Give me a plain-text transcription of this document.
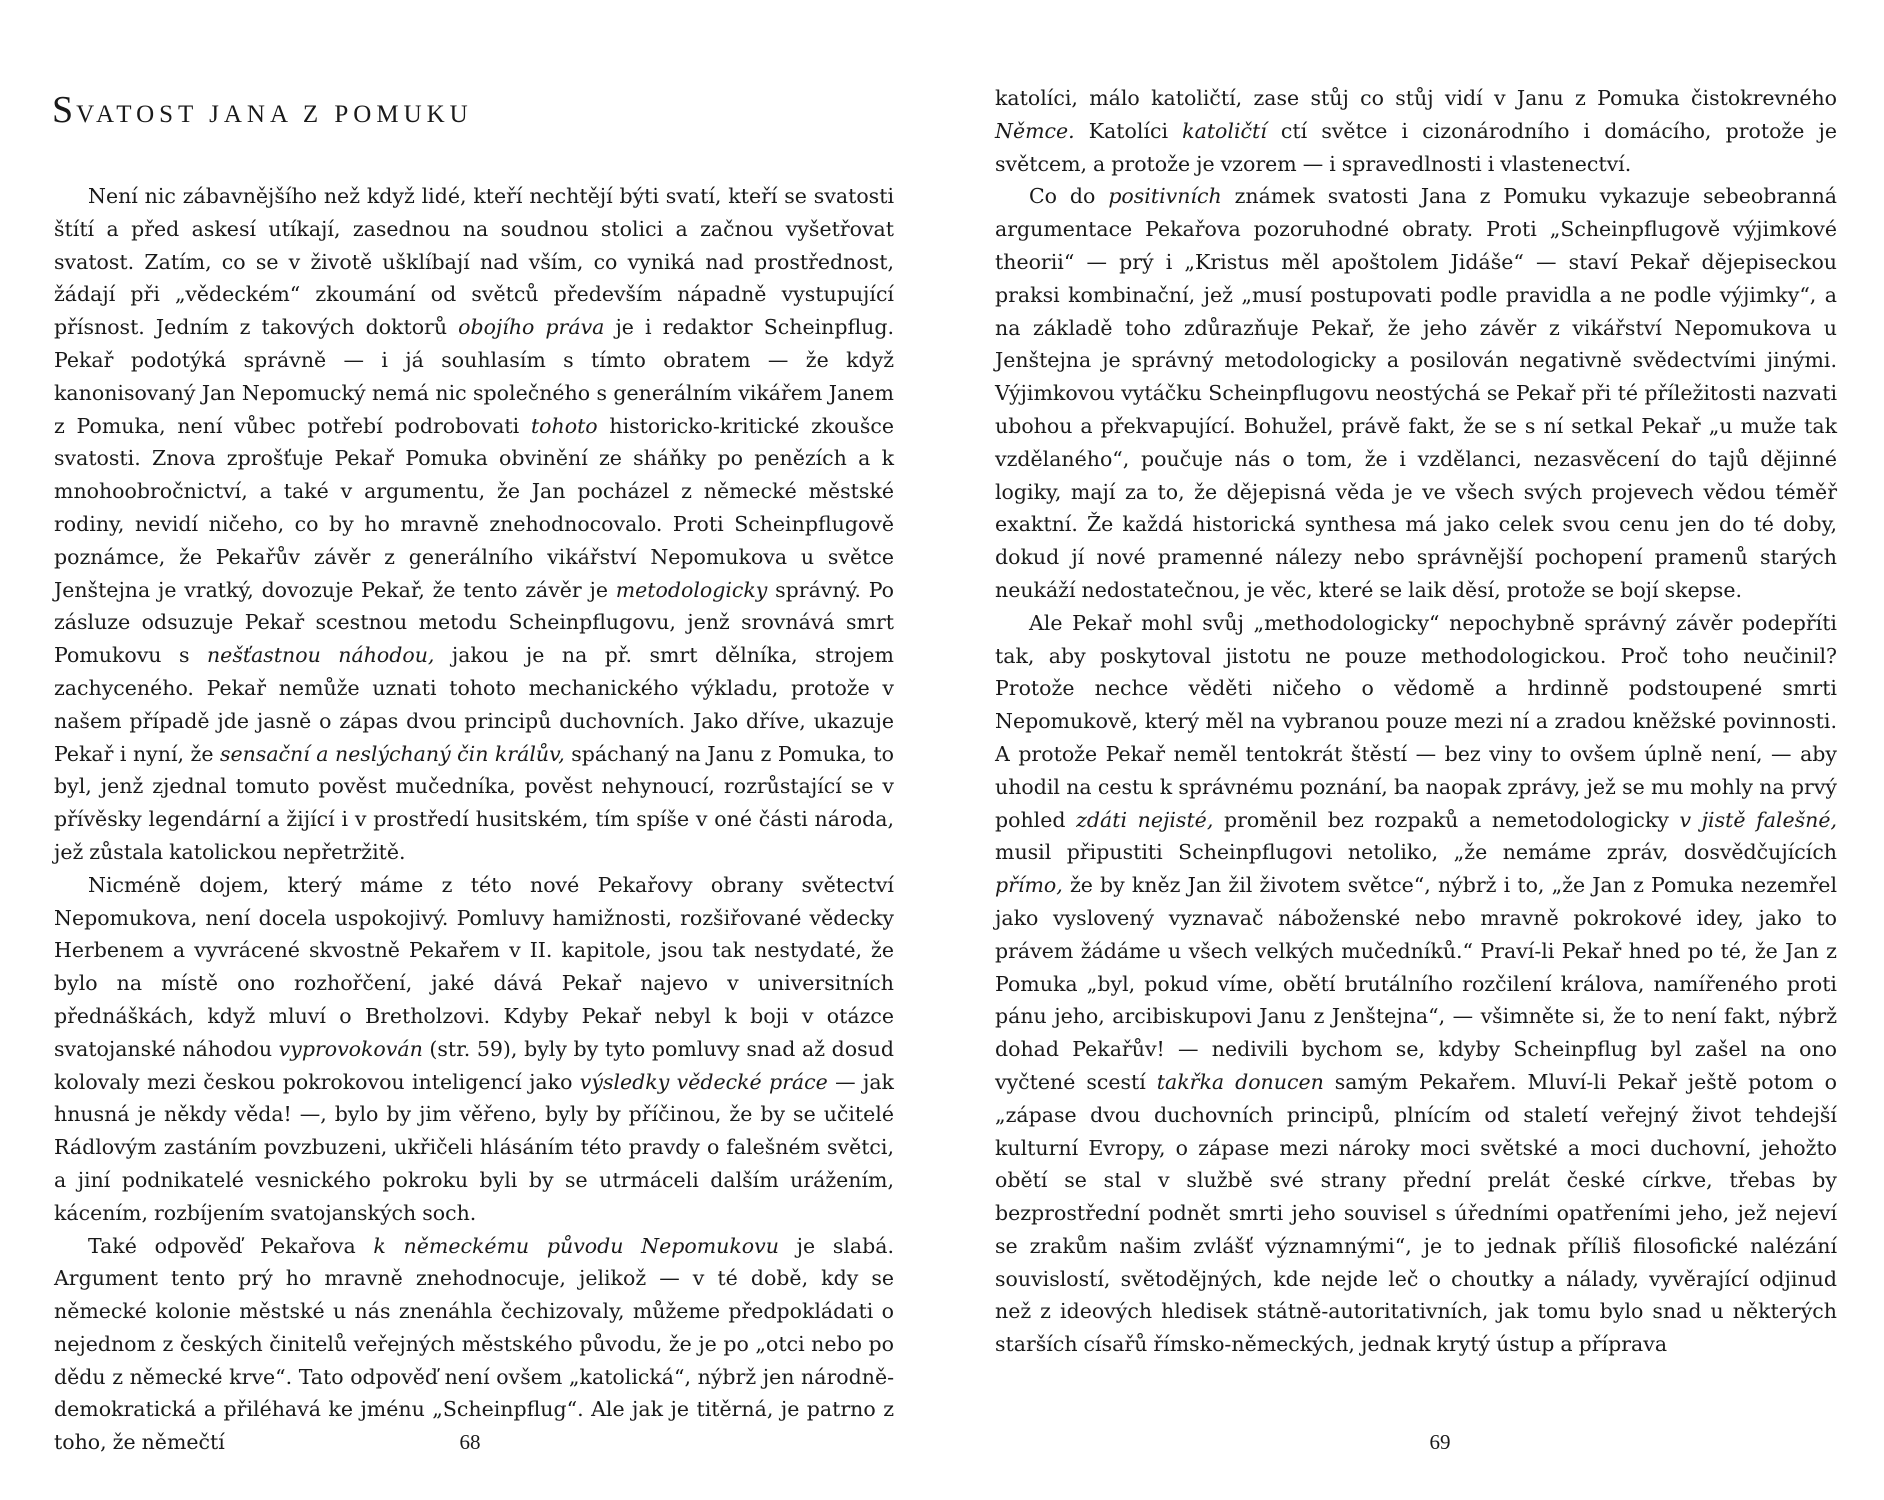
SVATOST JANA Z POMUKU

Není nic zábavnějšího než když lidé, kteří nechtějí býti svatí, kteří se svatosti štítí a před askesí utíkají, zasednou na soudnou stolici a začnou vyšetřovat svatost. Zatím, co se v životě ušklíbají nad vším, co vyniká nad prostřednost, žádají při „vědeckém“ zkoumání od světců především nápadně vystupující přísnost. Jedním z takových doktorů obojího práva je i redaktor Scheinpflug. Pekař podotýká správně — i já souhlasím s tímto obratem — že když kanonisovaný Jan Nepomucký nemá nic společného s generálním vikářem Janem z Pomuka, není vůbec potřebí podrobovati tohoto historicko-kritické zkoušce svatosti. Znova zprošťuje Pekař Pomuka obvinění ze sháňky po penězích a k mnohoobročnictví, a také v argumentu, že Jan pocházel z německé městské rodiny, nevidí ničeho, co by ho mravně znehodnocovalo. Proti Scheinpflugově poznámce, že Pekařův závěr z generálního vikářství Nepomukova u světce Jenštejna je vratký, dovozuje Pekař, že tento závěr je metodologicky správný. Po zásluze odsuzuje Pekař scestnou metodu Scheinpflugovu, jenž srovnává smrt Pomukovu s nešťastnou náhodou, jakou je na př. smrt dělníka, strojem zachyceného. Pekař nemůže uznati tohoto mechanického výkladu, protože v našem případě jde jasně o zápas dvou principů duchovních. Jako dříve, ukazuje Pekař i nyní, že sensační a neslýchaný čin králův, spáchaný na Janu z Pomuka, to byl, jenž zjednal tomuto pověst mučedníka, pověst nehynoucí, rozrůstající se v přívěsky legendární a žijící i v prostředí husitském, tím spíše v oné části národa, jež zůstala katolickou nepřetržitě.

Nicméně dojem, který máme z této nové Pekařovy obrany světectví Nepomukova, není docela uspokojivý. Pomluvy hamižnosti, rozšiřované vědecky Herbenem a vyvrácené skvostně Pekařem v II. kapitole, jsou tak nestydaté, že bylo na místě ono rozhořčení, jaké dává Pekař najevo v universitních přednáškách, když mluví o Bretholzovi. Kdyby Pekař nebyl k boji v otázce svatojanské náhodou vyprovokován (str. 59), byly by tyto pomluvy snad až dosud kolovaly mezi českou pokrokovou inteligencí jako výsledky vědecké práce — jak hnusná je někdy věda! —, bylo by jim věřeno, byly by příčinou, že by se učitelé Rádlovým zastáním povzbuzeni, ukřičeli hlásáním této pravdy o falešném světci, a jiní podnikatelé vesnického pokroku byli by se utrmáceli dalším urážením, kácením, rozbíjením svatojanských soch.

Také odpověď Pekařova k německému původu Nepomukovu je slabá. Argument tento prý ho mravně znehodnocuje, jelikož — v té době, kdy se německé kolonie městské u nás znenáhla čechizovaly, můžeme předpokládati o nejednom z českých činitelů veřejných městského původu, že je po „otci nebo po dědu z německé krve“. Tato odpověď není ovšem „katolická“, nýbrž jen národně-demokratická a přiléhavá ke jménu „Scheinpflug“. Ale jak je titěrná, je patrno z toho, že němečtí	68

katolíci, málo katoličtí, zase stůj co stůj vidí v Janu z Pomuka čistokrevného Němce. Katolíci katoličtí ctí světce i cizonárodního i domácího, protože je světcem, a protože je vzorem — i spravedlnosti i vlastenectví.

Co do positivních známek svatosti Jana z Pomuku vykazuje sebeobranná argumentace Pekařova pozoruhodné obraty. Proti „Scheinpflugově výjimkové theorii“ — prý i „Kristus měl apoštolem Jidáše“ — staví Pekař dějepiseckou praksi kombinační, jež „musí postupovati podle pravidla a ne podle výjimky“, a na základě toho zdůrazňuje Pekař, že jeho závěr z vikářství Nepomukova u Jenštejna je správný metodologicky a posilován negativně svědectvími jinými. Výjimkovou vytáčku Scheinpflugovu neostýchá se Pekař při té příležitosti nazvati ubohou a překvapující. Bohužel, právě fakt, že se s ní setkal Pekař „u muže tak vzdělaného“, poučuje nás o tom, že i vzdělanci, nezasvěcení do tajů dějinné logiky, mají za to, že dějepisná věda je ve všech svých projevech vědou téměř exaktní. Že každá historická synthesa má jako celek svou cenu jen do té doby, dokud jí nové pramenné nálezy nebo správnější pochopení pramenů starých neukáží nedostatečnou, je věc, které se laik děsí, protože se bojí skepse.

Ale Pekař mohl svůj „methodologicky“ nepochybně správný závěr podepříti tak, aby poskytoval jistotu ne pouze methodologickou. Proč toho neučinil? Protože nechce věděti ničeho o vědomě a hrdinně podstoupené smrti Nepomukově, který měl na vybranou pouze mezi ní a zradou kněžské povinnosti. A protože Pekař neměl tentokrát štěstí — bez viny to ovšem úplně není, — aby uhodil na cestu k správnému poznání, ba naopak zprávy, jež se mu mohly na prvý pohled zdáti nejisté, proměnil bez rozpaků a nemetodologicky v jistě falešné, musil připustiti Scheinpflugovi netoliko, „že nemáme zpráv, dosvědčujících přímo, že by kněz Jan žil životem světce“, nýbrž i to, „že Jan z Pomuka nezemřel jako vyslovený vyznavač náboženské nebo mravně pokrokové idey, jako to právem žádáme u všech velkých mučedníků.“ Praví-li Pekař hned po té, že Jan z Pomuka „byl, pokud víme, obětí brutálního rozčilení králova, namířeného proti pánu jeho, arcibiskupovi Janu z Jenštejna“, — všimněte si, že to není fakt, nýbrž dohad Pekařův! — nedivili bychom se, kdyby Scheinpflug byl zašel na ono vyčtené scestí takřka donucen samým Pekařem. Mluví-li Pekař ještě potom o „zápase dvou duchovních principů, plnícím od staletí veřejný život tehdejší kulturní Evropy, o zápase mezi nároky moci světské a moci duchovní, jehožto obětí se stal v službě své strany přední prelát české církve, třebas by bezprostřední podnět smrti jeho souvisel s úředními opatřeními jeho, jež nejeví se zrakům našim zvlášť významnými“, je to jednak příliš filosofické nalézání souvislostí, světodějných, kde nejde leč o choutky a nálady, vyvěrající odjinud než z ideových hledisek státně-autoritativních, jak tomu bylo snad u některých starších císařů římsko-německých, jednak krytý ústup a příprava

69
